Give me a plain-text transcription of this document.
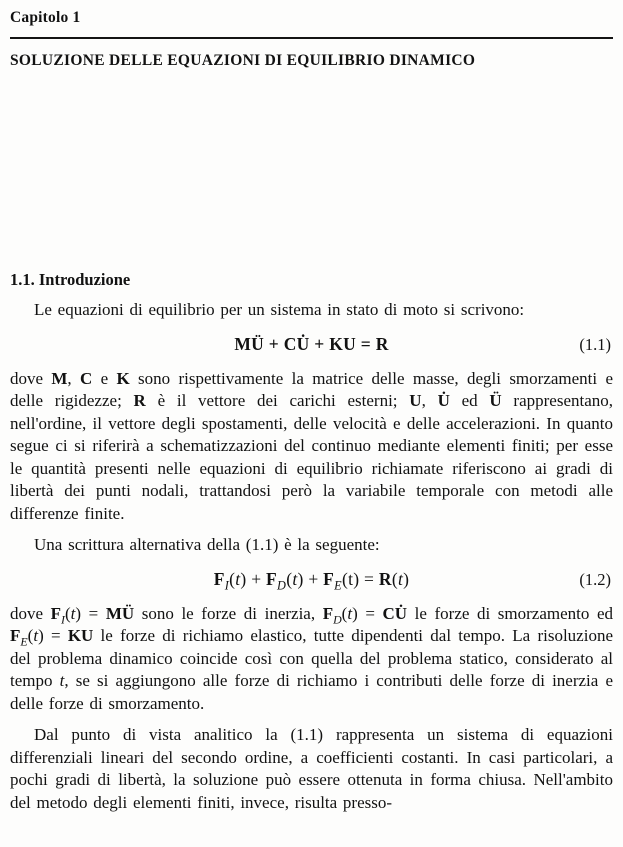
Capitolo 1
SOLUZIONE DELLE EQUAZIONI DI EQUILIBRIO DINAMICO
1.1. Introduzione

Le equazioni di equilibrio per un sistema in stato di moto si scrivono:

MÜ + CU̇ + KU = R	(1.1)

dove M, C e K sono rispettivamente la matrice delle masse, degli smorzamenti e delle rigidezze; R è il vettore dei carichi esterni; U, U̇ ed Ü rappresentano, nell'ordine, il vettore degli spostamenti, delle velocità e delle accelerazioni. In quanto segue ci si riferirà a schematizzazioni del continuo mediante elementi finiti; per esse le quantità presenti nelle equazioni di equilibrio richiamate riferiscono ai gradi di libertà dei punti nodali, trattandosi però la variabile temporale con metodi alle differenze finite.

Una scrittura alternativa della (1.1) è la seguente:

$F_I(t) + F_D(t) + F_E(t) = R(t)$	(1.2)

dove $F_I(t)$ = MÜ sono le forze di inerzia, $F_D(t)$ = CU̇ le forze di smorzamento ed $F_E(t)$ = KU le forze di richiamo elastico, tutte dipendenti dal tempo. La risoluzione del problema dinamico coincide così con quella del problema statico, considerato al tempo t, se si aggiungono alle forze di richiamo i contributi delle forze di inerzia e delle forze di smorzamento.

Dal punto di vista analitico la (1.1) rappresenta un sistema di equazioni differenziali lineari del secondo ordine, a coefficienti costanti. In casi particolari, a pochi gradi di libertà, la soluzione può essere ottenuta in forma chiusa. Nell'ambito del metodo degli elementi finiti, invece, risulta presso-
